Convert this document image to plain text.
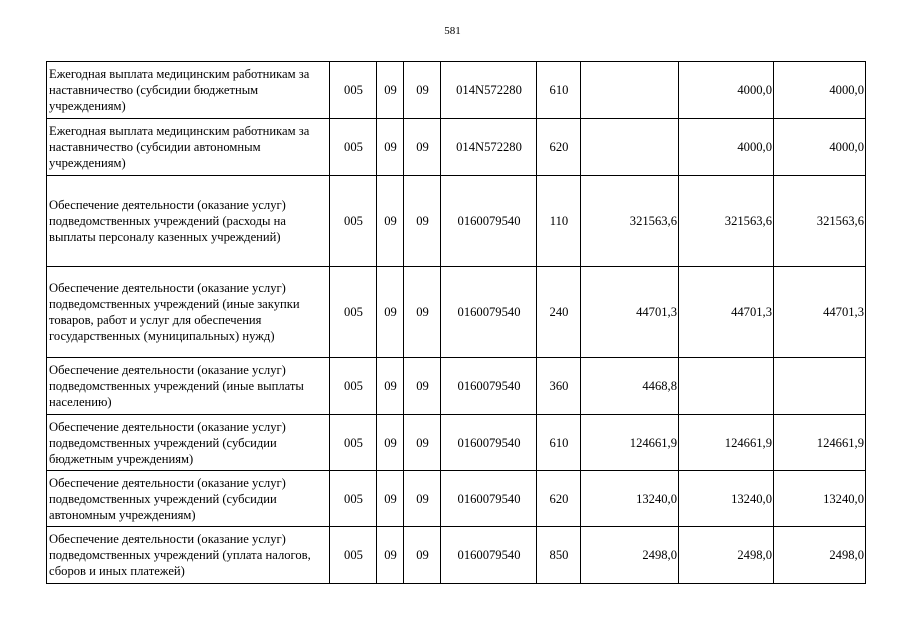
581
Ежегодная выплата медицинским работникам за наставничество (субсидии бюджетным учреждениям)	005	09	09	014N572280	610		4000,0	4000,0
Ежегодная выплата медицинским работникам за наставничество (субсидии автономным учреждениям)	005	09	09	014N572280	620		4000,0	4000,0
Обеспечение деятельности (оказание услуг) подведомственных учреждений (расходы на выплаты персоналу казенных учреждений)	005	09	09	0160079540	110	321563,6	321563,6	321563,6
Обеспечение деятельности (оказание услуг) подведомственных учреждений (иные закупки товаров, работ и услуг для обеспечения государственных (муниципальных) нужд)	005	09	09	0160079540	240	44701,3	44701,3	44701,3
Обеспечение деятельности (оказание услуг) подведомственных учреждений (иные выплаты населению)	005	09	09	0160079540	360	4468,8		
Обеспечение деятельности (оказание услуг) подведомственных учреждений (субсидии бюджетным учреждениям)	005	09	09	0160079540	610	124661,9	124661,9	124661,9
Обеспечение деятельности (оказание услуг) подведомственных учреждений (субсидии автономным учреждениям)	005	09	09	0160079540	620	13240,0	13240,0	13240,0
Обеспечение деятельности (оказание услуг) подведомственных учреждений (уплата налогов, сборов и иных платежей)	005	09	09	0160079540	850	2498,0	2498,0	2498,0
